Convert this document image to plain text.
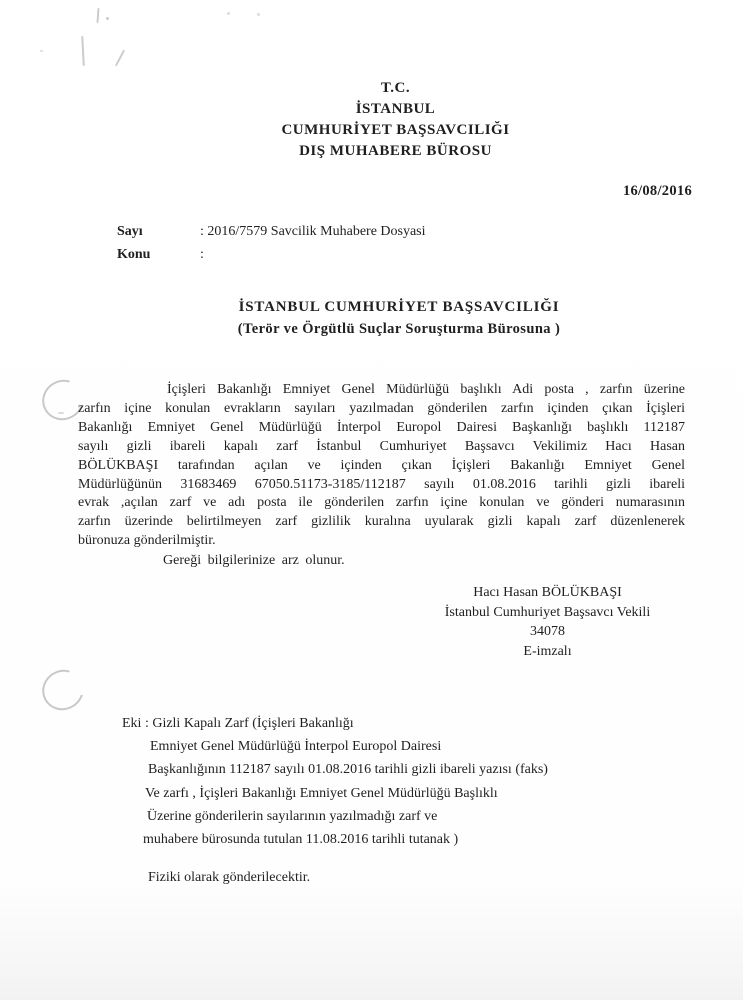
T.C.
İSTANBUL
CUMHURİYET BAŞSAVCILIĞI
DIŞ MUHABERE BÜROSU
16/08/2016
Sayı	: 2016/7579 Savcilik Muhabere Dosyasi
Konu	:
İSTANBUL CUMHURİYET BAŞSAVCILIĞI
(Terör ve Örgütlü Suçlar Soruşturma Bürosuna )
İçişleri Bakanlığı Emniyet Genel Müdürlüğü başlıklı Adi posta , zarfın üzerine
zarfın içine konulan evrakların sayıları yazılmadan gönderilen zarfın içinden çıkan İçişleri
Bakanlığı Emniyet Genel Müdürlüğü İnterpol Europol Dairesi Başkanlığı başlıklı 112187
sayılı gizli ibareli kapalı zarf İstanbul Cumhuriyet Başsavcı Vekilimiz Hacı Hasan
BÖLÜKBAŞI tarafından açılan ve içinden çıkan İçişleri Bakanlığı Emniyet Genel
Müdürlüğünün 31683469 67050.51173-3185/112187 sayılı 01.08.2016 tarihli gizli ibareli
evrak ,açılan zarf ve adı posta ile gönderilen zarfın içine konulan ve gönderi numarasının
zarfın üzerinde belirtilmeyen zarf gizlilik kuralına uyularak gizli kapalı zarf düzenlenerek
büronuza gönderilmiştir.
Gereği bilgilerinize arz olunur.
Hacı Hasan BÖLÜKBAŞI
İstanbul Cumhuriyet Başsavcı Vekili
34078
E-imzalı
Eki : Gizli Kapalı Zarf (İçişleri Bakanlığı
Emniyet Genel Müdürlüğü İnterpol Europol Dairesi
Başkanlığının 112187 sayılı 01.08.2016 tarihli gizli ibareli yazısı (faks)
Ve zarfı , İçişleri Bakanlığı Emniyet Genel Müdürlüğü Başlıklı
Üzerine gönderilerin sayılarının yazılmadığı zarf ve
muhabere bürosunda tutulan 11.08.2016 tarihli tutanak )
Fiziki olarak gönderilecektir.
